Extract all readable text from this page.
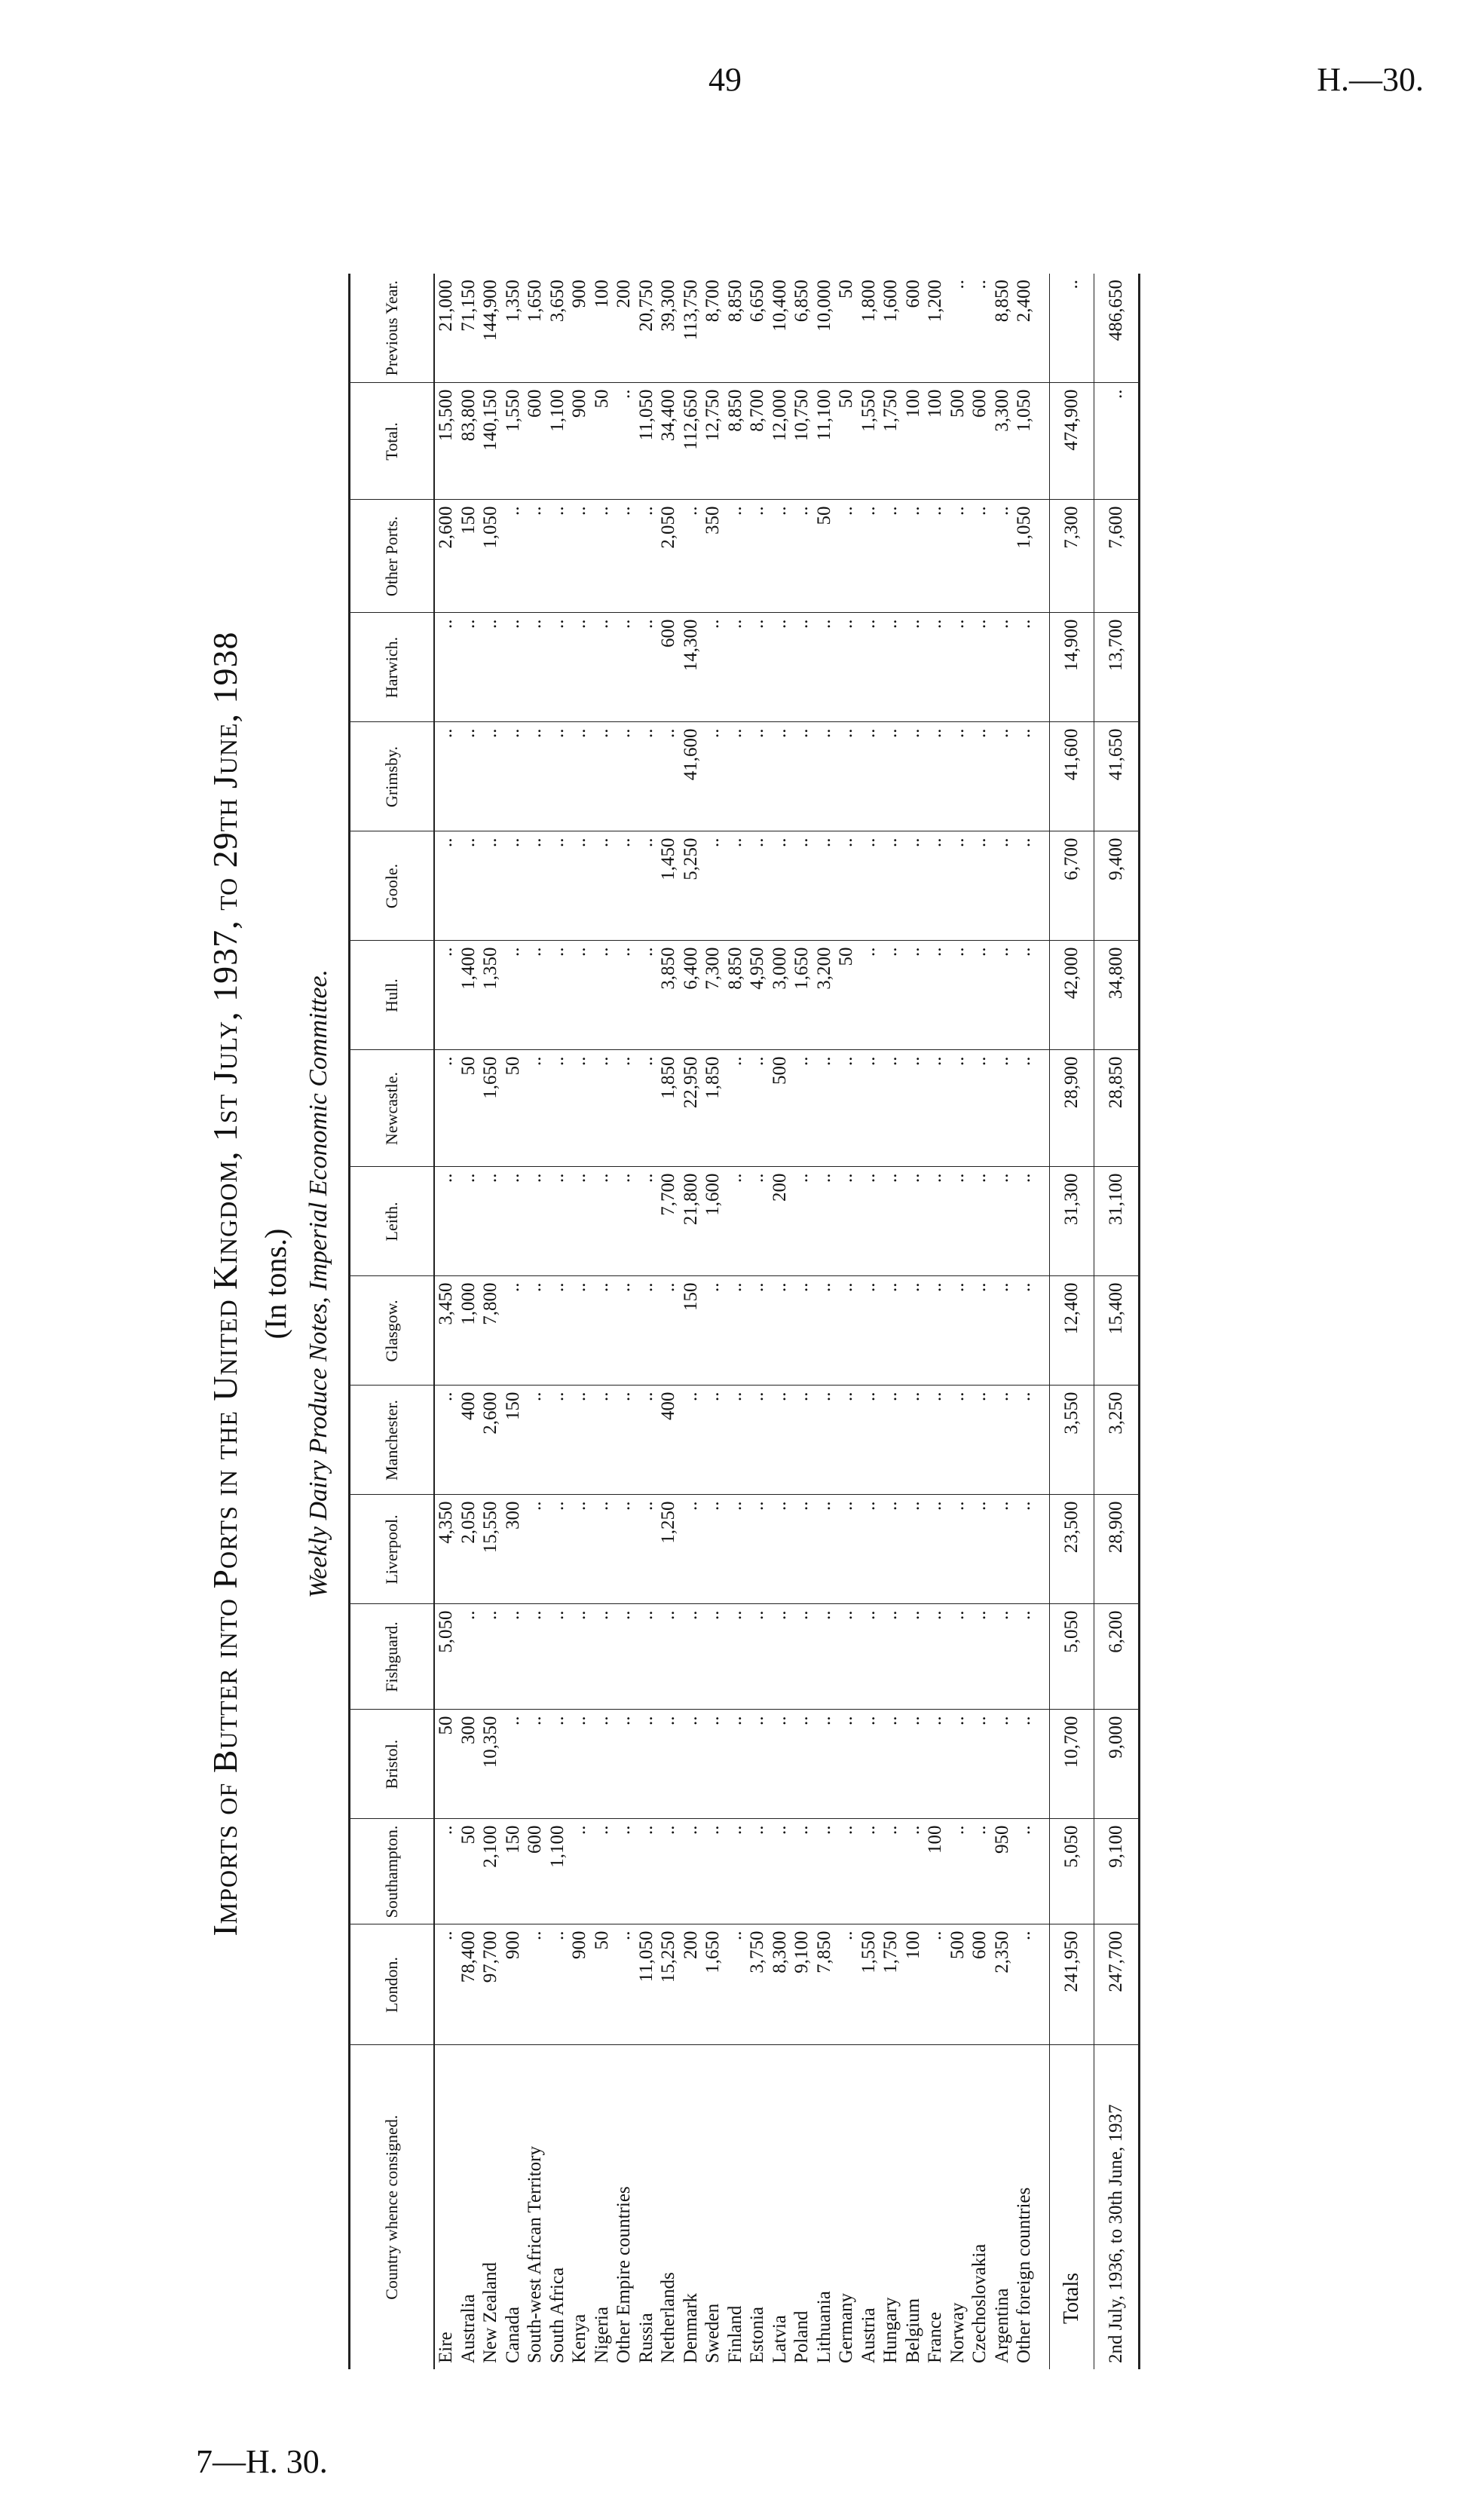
49	H.—30.
7—H. 30.
Imports of Butter into Ports in the United Kingdom, 1st July, 1937, to 29th June, 1938 (In tons.) Weekly Dairy Produce Notes, Imperial Economic Committee.
Country whence consigned.	London.	Southampton.	Bristol.	Fishguard.	Liverpool.	Manchester.	Glasgow.	Leith.	Newcastle.	Hull.	Goole.	Grimsby.	Harwich.	Other Ports.	Total.	Previous Year.
Eire	..	..	50	5,050	4,350	..	3,450	..	..	..	..	..	..	2,600	15,500	21,000
Australia	78,400	50	300	..	2,050	400	1,000	..	50	1,400	..	..	..	150	83,800	71,150
New Zealand	97,700	2,100	10,350	..	15,550	2,600	7,800	..	1,650	1,350	..	..	..	1,050	140,150	144,900
Canada	900	150	..	..	300	150	..	..	50	..	..	..	..	..	1,550	1,350
South-west African Territory	..	600	..	..	..	..	..	..	..	..	..	..	..	..	600	1,650
South Africa	..	1,100	..	..	..	..	..	..	..	..	..	..	..	..	1,100	3,650
Kenya	900	..	..	..	..	..	..	..	..	..	..	..	..	..	900	900
Nigeria	50	..	..	..	..	..	..	..	..	..	..	..	..	..	50	100
Other Empire countries	..	..	..	..	..	..	..	..	..	..	..	..	..	..	..	200
Russia	11,050	..	..	..	..	..	..	..	..	..	..	..	..	..	11,050	20,750
Netherlands	15,250	..	..	..	1,250	400	..	7,700	1,850	3,850	1,450	..	600	2,050	34,400	39,300
Denmark	200	..	..	..	..	..	150	21,800	22,950	6,400	5,250	41,600	14,300	..	112,650	113,750
Sweden	1,650	..	..	..	..	..	..	1,600	1,850	7,300	..	..	..	350	12,750	8,700
Finland	..	..	..	..	..	..	..	..	..	8,850	..	..	..	..	8,850	8,850
Estonia	3,750	..	..	..	..	..	..	..	..	4,950	..	..	..	..	8,700	6,650
Latvia	8,300	..	..	..	..	..	..	200	500	3,000	..	..	..	..	12,000	10,400
Poland	9,100	..	..	..	..	..	..	..	..	1,650	..	..	..	..	10,750	6,850
Lithuania	7,850	..	..	..	..	..	..	..	..	3,200	..	..	..	50	11,100	10,000
Germany	..	..	..	..	..	..	..	..	..	50	..	..	..	..	50	50
Austria	1,550	..	..	..	..	..	..	..	..	..	..	..	..	..	1,550	1,800
Hungary	1,750	..	..	..	..	..	..	..	..	..	..	..	..	..	1,750	1,600
Belgium	100	..	..	..	..	..	..	..	..	..	..	..	..	..	100	600
France	..	100	..	..	..	..	..	..	..	..	..	..	..	..	100	1,200
Norway	500	..	..	..	..	..	..	..	..	..	..	..	..	..	500	..
Czechoslovakia	600	..	..	..	..	..	..	..	..	..	..	..	..	..	600	..
Argentina	2,350	950	..	..	..	..	..	..	..	..	..	..	..	..	3,300	8,850
Other foreign countries	..	..	..	..	..	..	..	..	..	..	..	..	..	1,050	1,050	2,400
Totals	241,950	5,050	10,700	5,050	23,500	3,550	12,400	31,300	28,900	42,000	6,700	41,600	14,900	7,300	474,900	..
2nd July, 1936, to 30th June, 1937	247,700	9,100	9,000	6,200	28,900	3,250	15,400	31,100	28,850	34,800	9,400	41,650	13,700	7,600	..	486,650
